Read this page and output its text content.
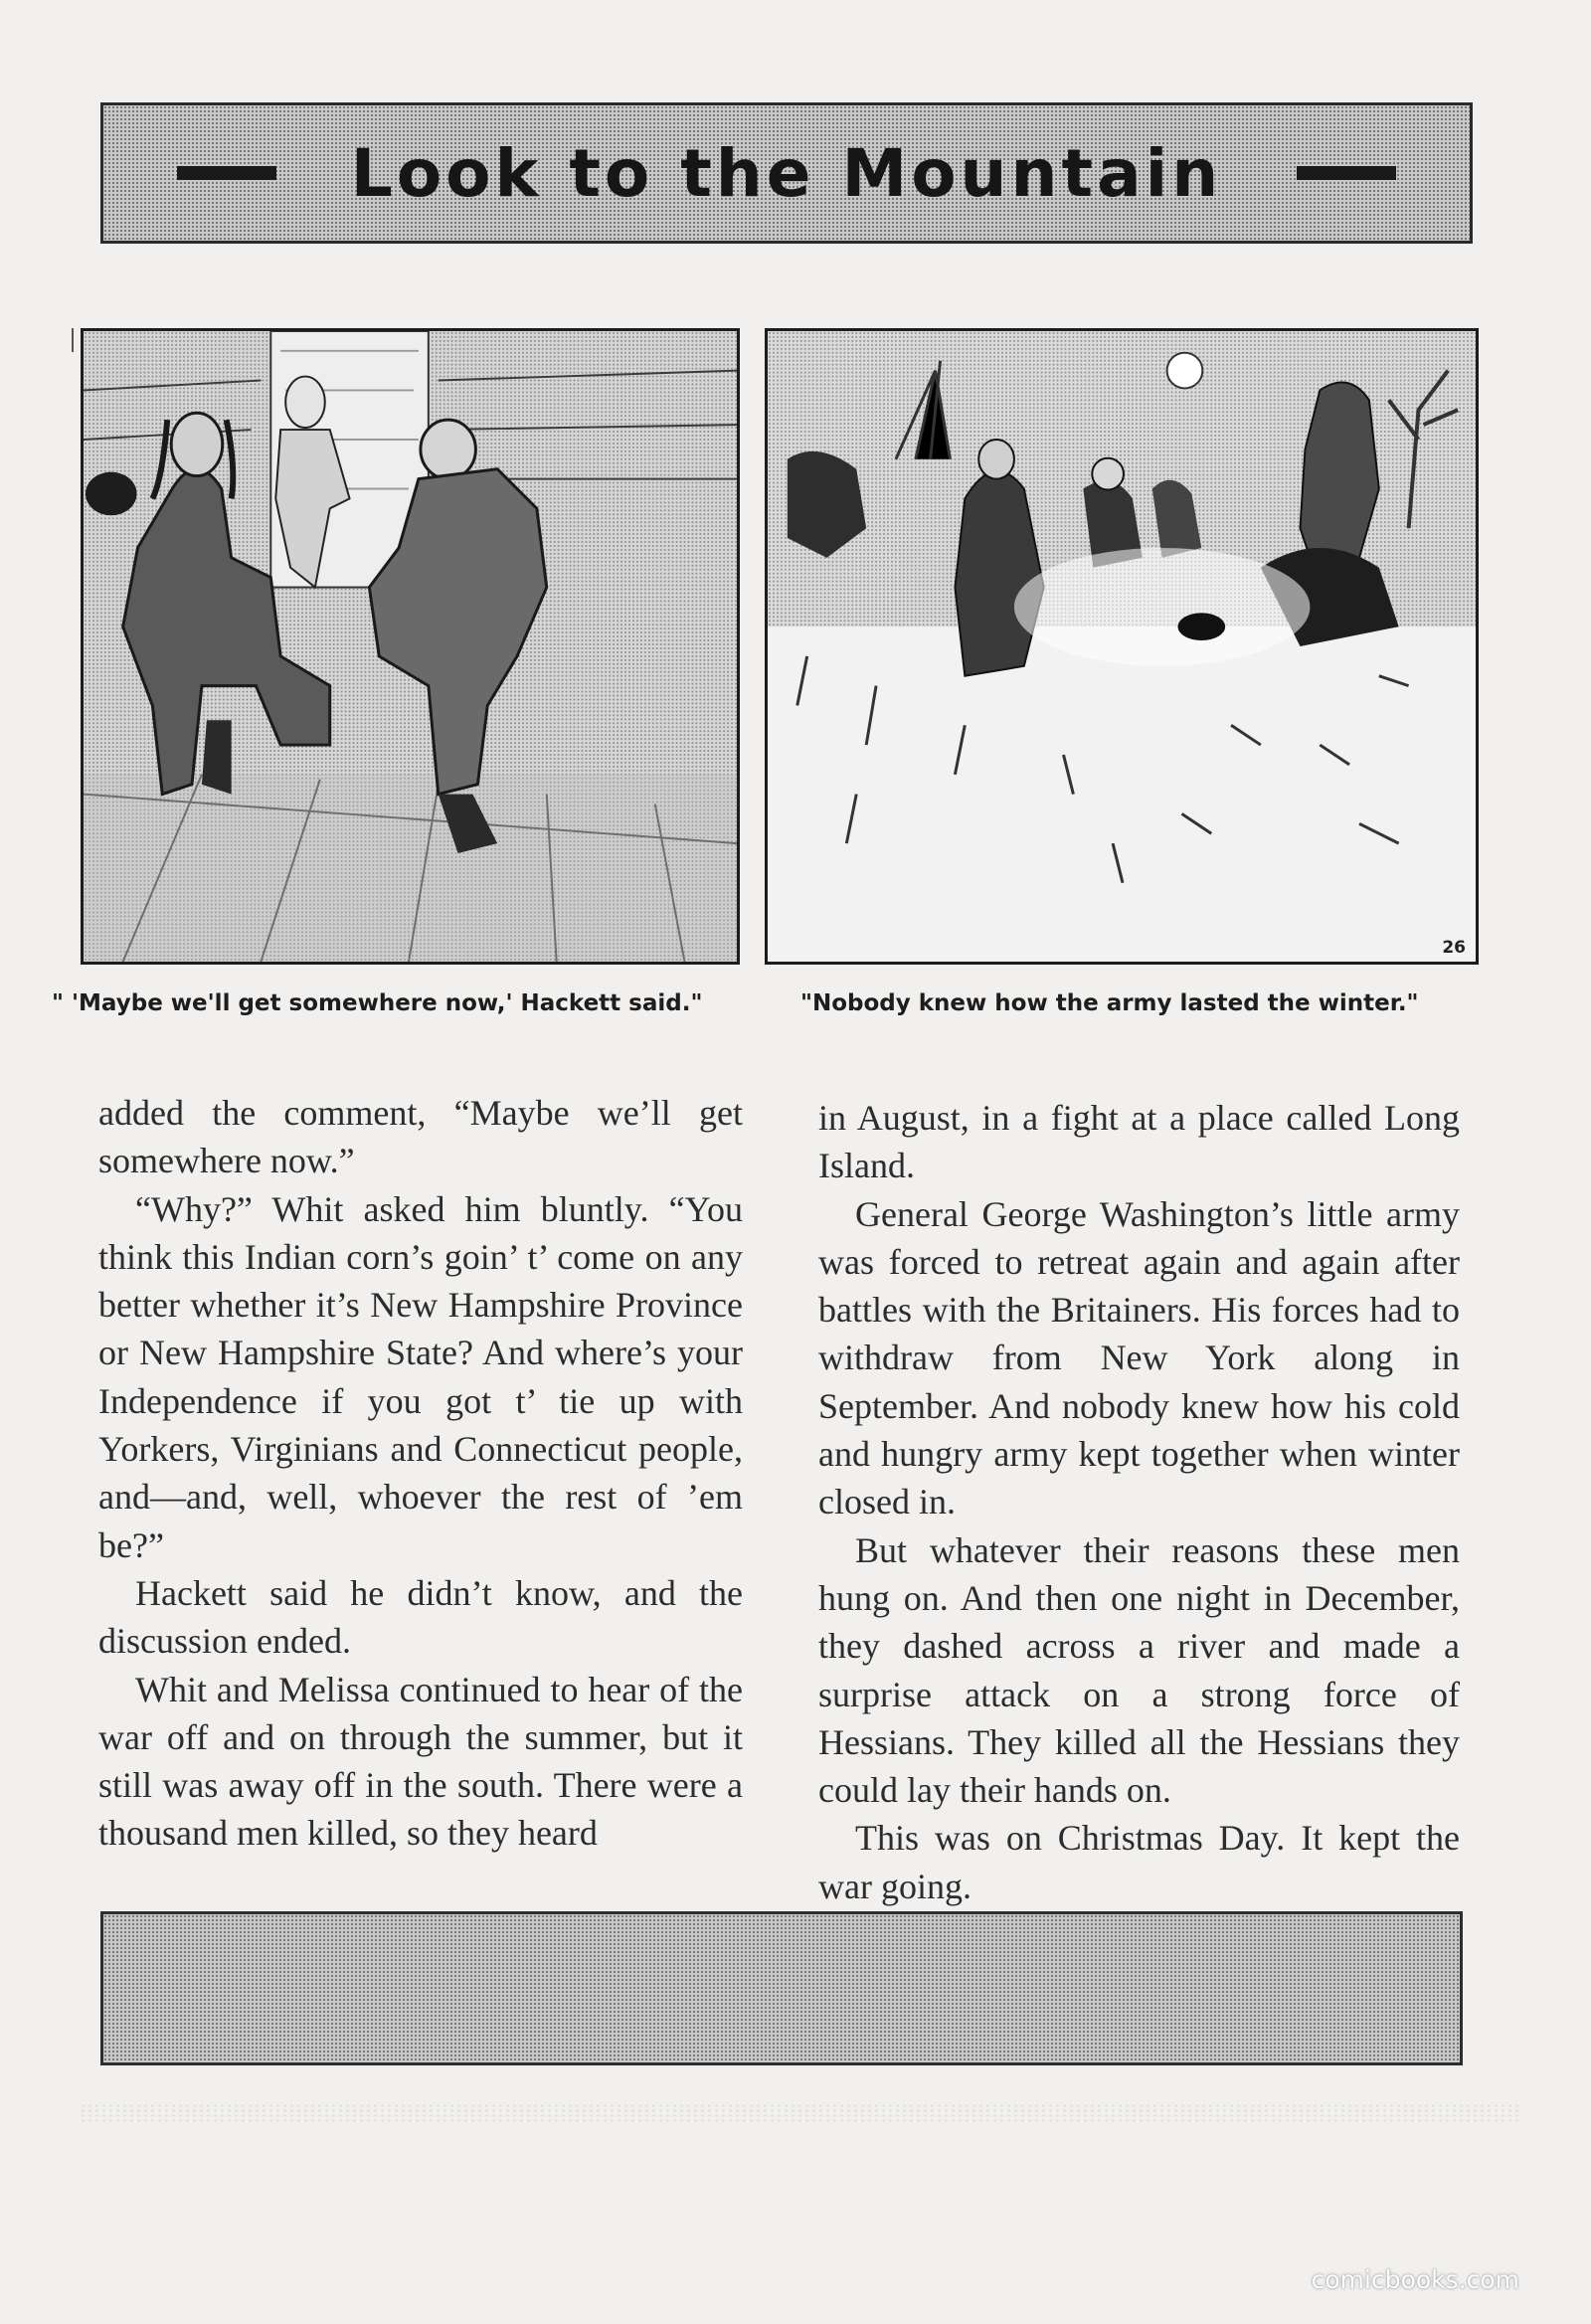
Look to the Mountain
26
" 'Maybe we'll get somewhere now,' Hackett said."	"Nobody knew how the army lasted the winter."

added the comment, “Maybe we’ll get somewhere now.”

“Why?” Whit asked him bluntly. “You think this Indian corn’s goin’ t’ come on any better whether it’s New Hampshire Province or New Hampshire State? And where’s your Independence if you got t’ tie up with Yorkers, Virginians and Connecticut people, and—and, well, whoever the rest of ’em be?”

Hackett said he didn’t know, and the discussion ended.

Whit and Melissa continued to hear of the war off and on through the summer, but it still was away off in the south. There were a thousand men killed, so they heard

in August, in a fight at a place called Long Island.

General George Washington’s little army was forced to retreat again and again after battles with the Britainers. His forces had to withdraw from New York along in September. And nobody knew how his cold and hungry army kept together when winter closed in.

But whatever their reasons these men hung on. And then one night in December, they dashed across a river and made a surprise attack on a strong force of Hessians. They killed all the Hessians they could lay their hands on.

This was on Christmas Day. It kept the war going.

comicbooks.com
